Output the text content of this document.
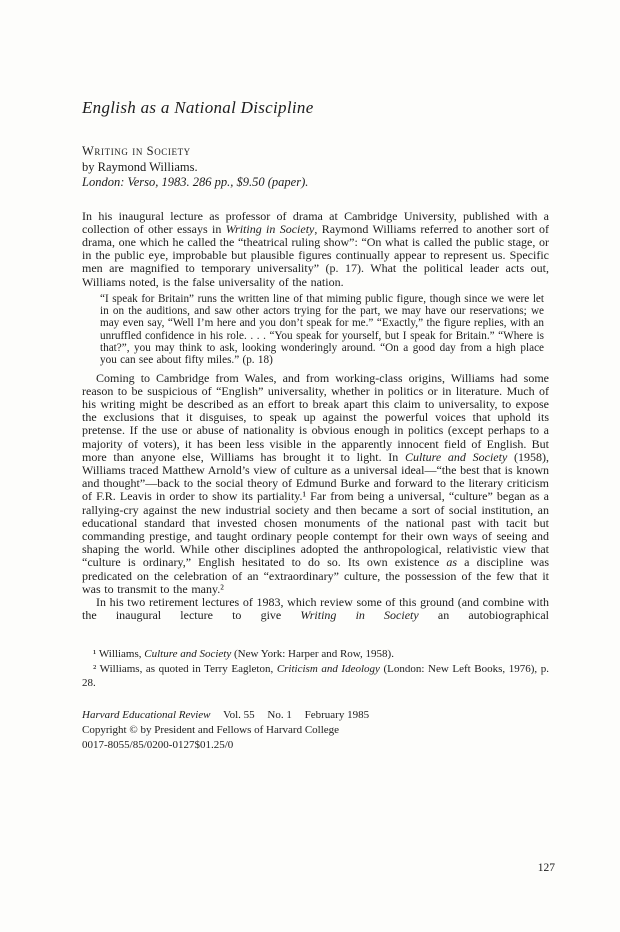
English as a National Discipline
Writing in Society
by Raymond Williams.
London: Verso, 1983. 286 pp., $9.50 (paper).

In his inaugural lecture as professor of drama at Cambridge University, published with a collection of other essays in Writing in Society, Raymond Williams referred to another sort of drama, one which he called the “theatrical ruling show”: “On what is called the public stage, or in the public eye, improbable but plausible figures continually appear to represent us. Specific men are magnified to temporary universality” (p. 17). What the political leader acts out, Williams noted, is the false universality of the nation.

“I speak for Britain” runs the written line of that miming public figure, though since we were let in on the auditions, and saw other actors trying for the part, we may have our reservations; we may even say, “Well I’m here and you don’t speak for me.” “Exactly,” the figure replies, with an unruffled confidence in his role. . . . “You speak for yourself, but I speak for Britain.” “Where is that?”, you may think to ask, looking wonderingly around. “On a good day from a high place you can see about fifty miles.” (p. 18)

Coming to Cambridge from Wales, and from working-class origins, Williams had some reason to be suspicious of “English” universality, whether in politics or in literature. Much of his writing might be described as an effort to break apart this claim to universality, to expose the exclusions that it disguises, to speak up against the powerful voices that uphold its pretense. If the use or abuse of nationality is obvious enough in politics (except perhaps to a majority of voters), it has been less visible in the apparently innocent field of English. But more than anyone else, Williams has brought it to light. In Culture and Society (1958), Williams traced Matthew Arnold’s view of culture as a universal ideal—“the best that is known and thought”—back to the social theory of Edmund Burke and forward to the literary criticism of F.R. Leavis in order to show its partiality.¹ Far from being a universal, “culture” began as a rallying-cry against the new industrial society and then became a sort of social institution, an educational standard that invested chosen monuments of the national past with tacit but commanding prestige, and taught ordinary people contempt for their own ways of seeing and shaping the world. While other disciplines adopted the anthropological, relativistic view that “culture is ordinary,” English hesitated to do so. Its own existence as a discipline was predicated on the celebration of an “extraordinary” culture, the possession of the few that it was to transmit to the many.²

In his two retirement lectures of 1983, which review some of this ground (and combine with the inaugural lecture to give Writing in Society an autobiographical

¹ Williams, Culture and Society (New York: Harper and Row, 1958).

² Williams, as quoted in Terry Eagleton, Criticism and Ideology (London: New Left Books, 1976), p. 28.

Harvard Educational Review Vol. 55 No. 1 February 1985
Copyright © by President and Fellows of Harvard College
0017-8055/85/0200-0127$01.25/0
127
